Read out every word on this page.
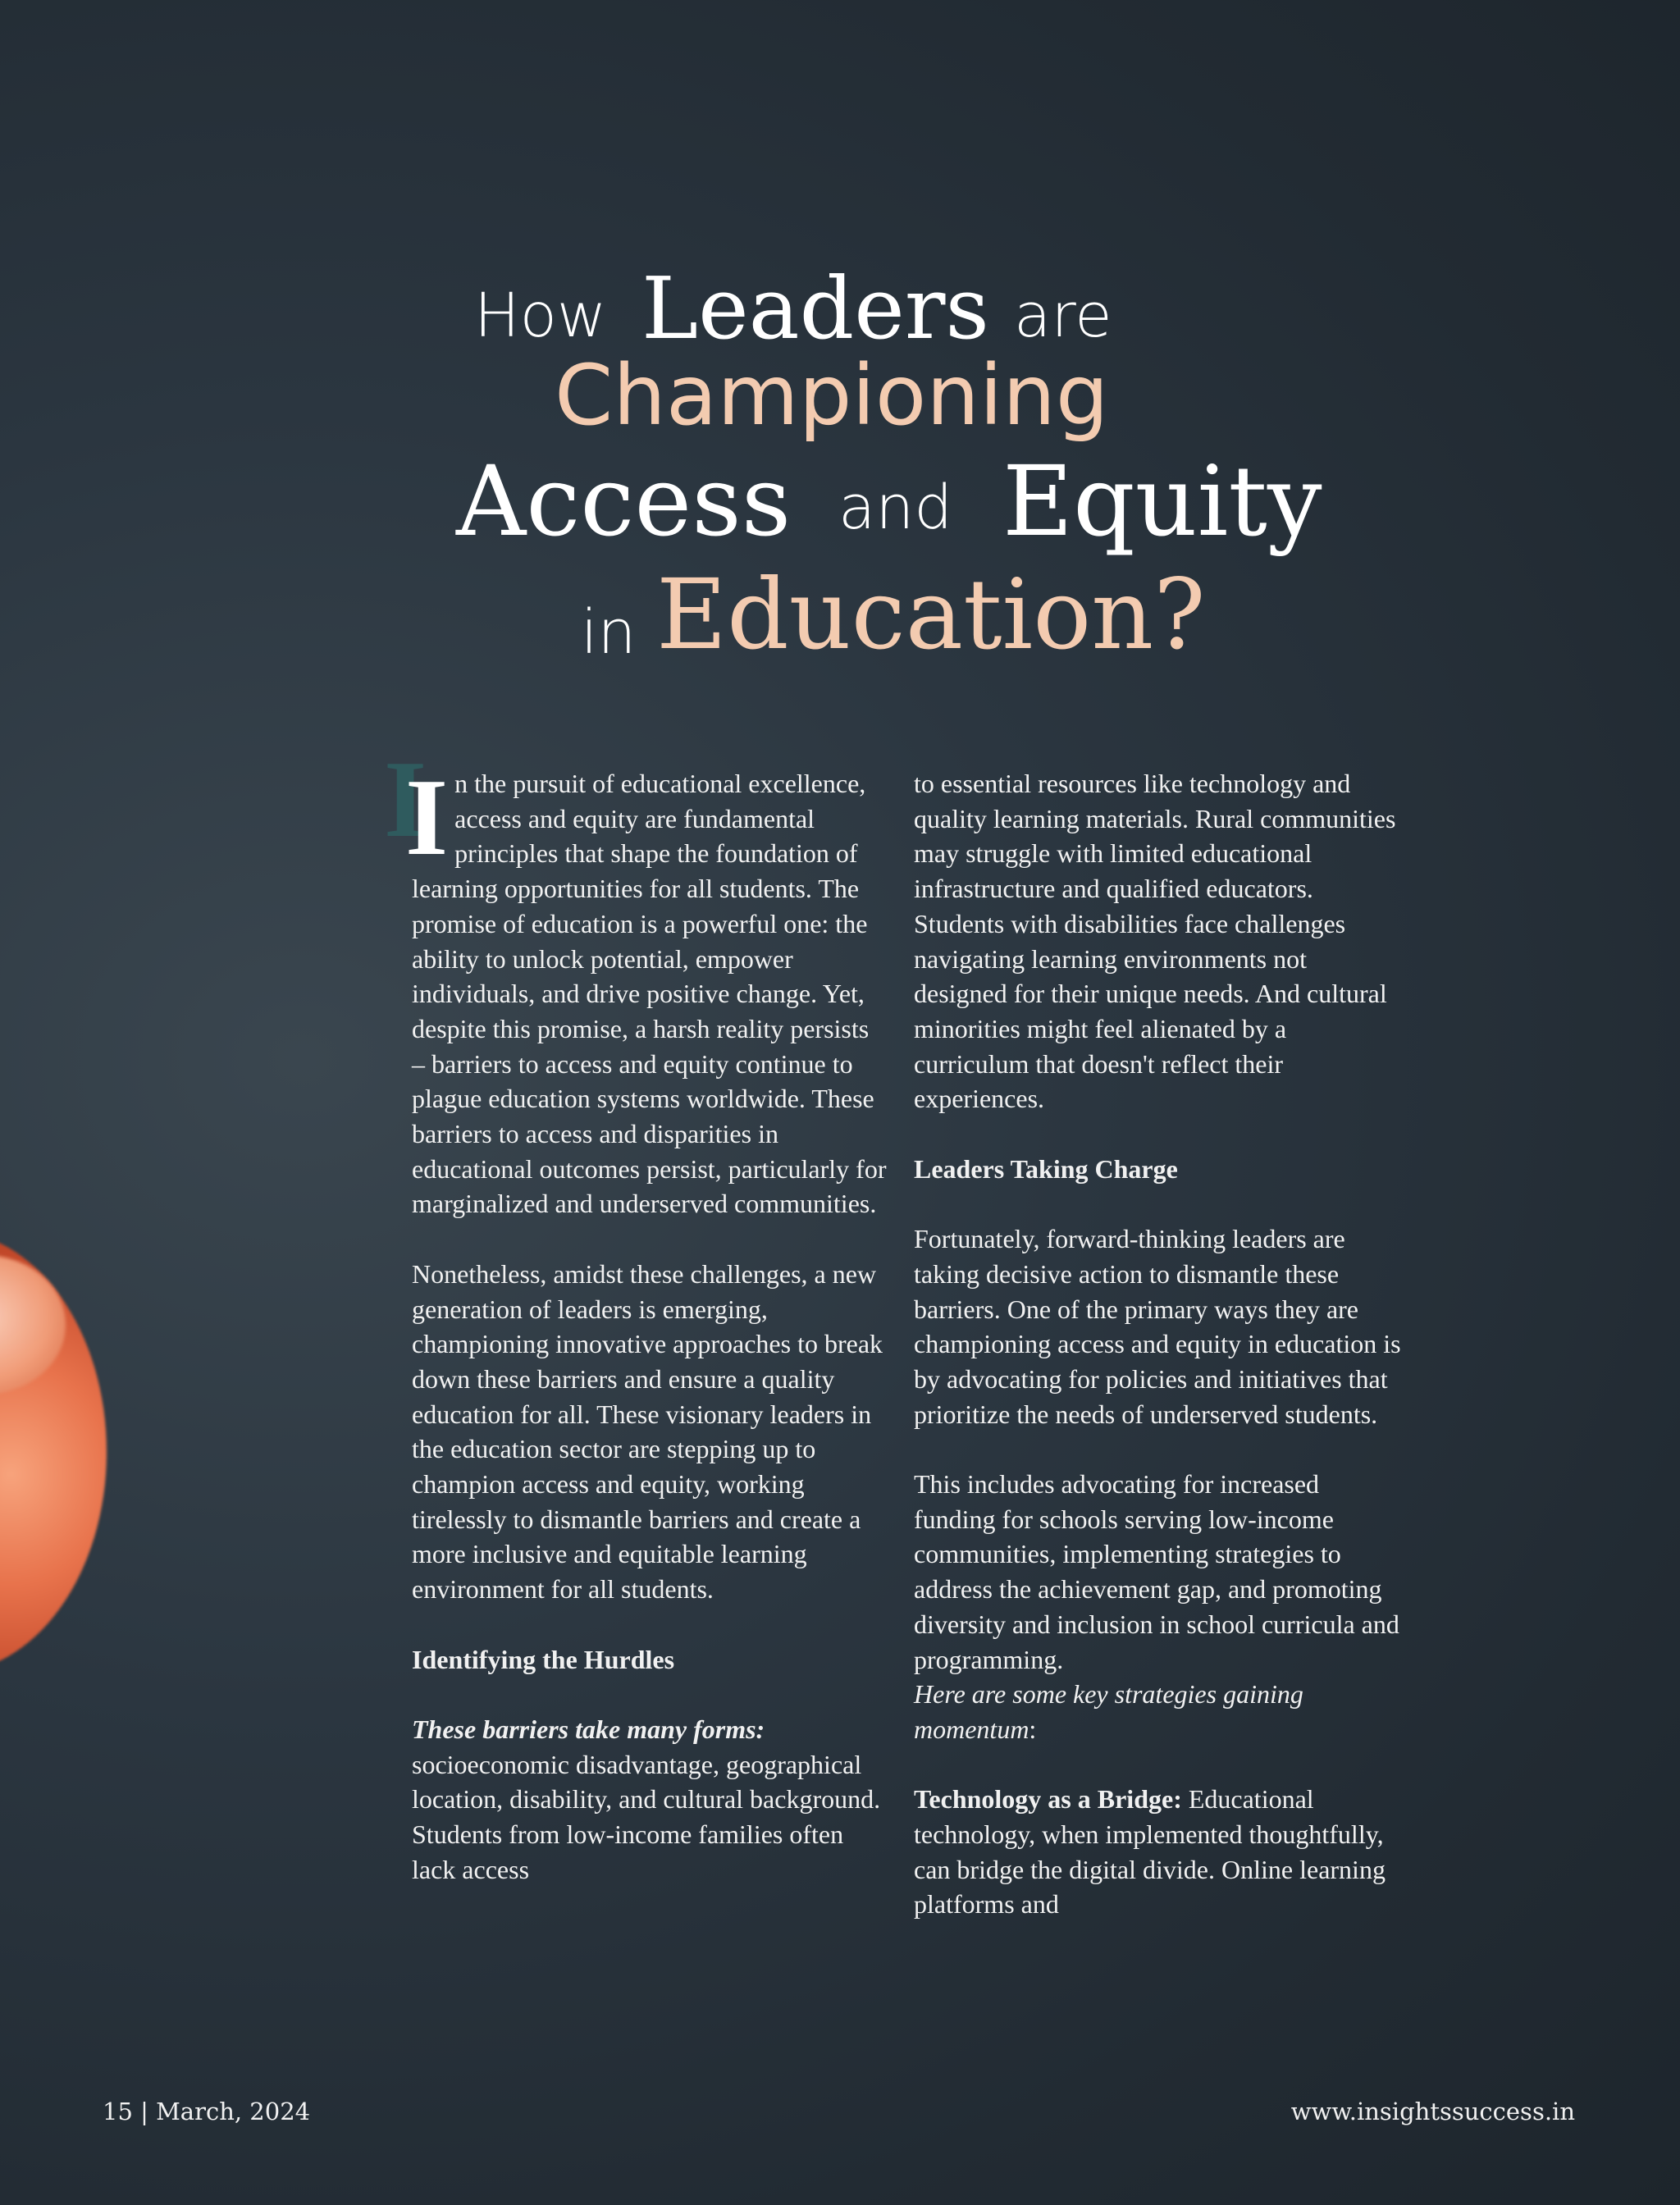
How Leaders are
Championing
Access and Equity
in Education?

In the pursuit of educational excellence, access and equity are fundamental principles that shape the foundation of learning opportunities for all students. The promise of education is a powerful one: the ability to unlock potential, empower individuals, and drive positive change. Yet, despite this promise, a harsh reality persists – barriers to access and equity continue to plague education systems worldwide. These barriers to access and disparities in educational outcomes persist, particularly for marginalized and underserved communities.

Nonetheless, amidst these challenges, a new generation of leaders is emerging, championing innovative approaches to break down these barriers and ensure a quality education for all. These visionary leaders in the education sector are stepping up to champion access and equity, working tirelessly to dismantle barriers and create a more inclusive and equitable learning environment for all students.

Identifying the Hurdles

These barriers take many forms:
socioeconomic disadvantage, geographical location, disability, and cultural background. Students from low-income families often lack access

to essential resources like technology and quality learning materials. Rural communities may struggle with limited educational infrastructure and qualified educators. Students with disabilities face challenges navigating learning environments not designed for their unique needs. And cultural minorities might feel alienated by a curriculum that doesn't reflect their experiences.

Leaders Taking Charge

Fortunately, forward-thinking leaders are taking decisive action to dismantle these barriers. One of the primary ways they are championing access and equity in education is by advocating for policies and initiatives that prioritize the needs of underserved students.

This includes advocating for increased funding for schools serving low-income communities, implementing strategies to address the achievement gap, and promoting diversity and inclusion in school curricula and programming.

Here are some key strategies gaining momentum:

Technology as a Bridge: Educational technology, when implemented thoughtfully, can bridge the digital divide. Online learning platforms and

15 | March, 2024	www.insightssuccess.in
